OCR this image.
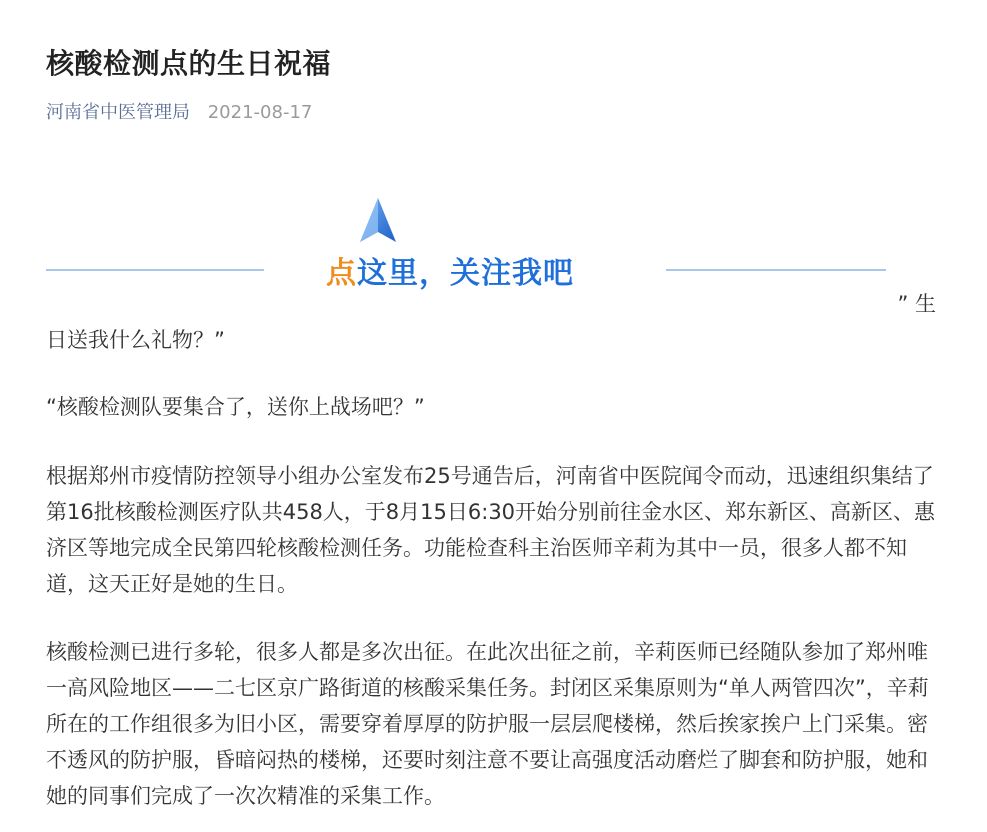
核酸检测点的生日祝福
河南省中医管理局 2021-08-17
点这里，关注我吧
” 生

日送我什么礼物？”

“核酸检测队要集合了，送你上战场吧？”

根据郑州市疫情防控领导小组办公室发布25号通告后，河南省中医院闻令而动，迅速组织集结了第16批核酸检测医疗队共458人，于8月15日6:30开始分别前往金水区、郑东新区、高新区、惠济区等地完成全民第四轮核酸检测任务。功能检查科主治医师辛莉为其中一员，很多人都不知道，这天正好是她的生日。

核酸检测已进行多轮，很多人都是多次出征。在此次出征之前，辛莉医师已经随队参加了郑州唯一高风险地区——二七区京广路街道的核酸采集任务。封闭区采集原则为“单人两管四次”，辛莉所在的工作组很多为旧小区，需要穿着厚厚的防护服一层层爬楼梯，然后挨家挨户上门采集。密不透风的防护服，昏暗闷热的楼梯，还要时刻注意不要让高强度活动磨烂了脚套和防护服，她和她的同事们完成了一次次精准的采集工作。
